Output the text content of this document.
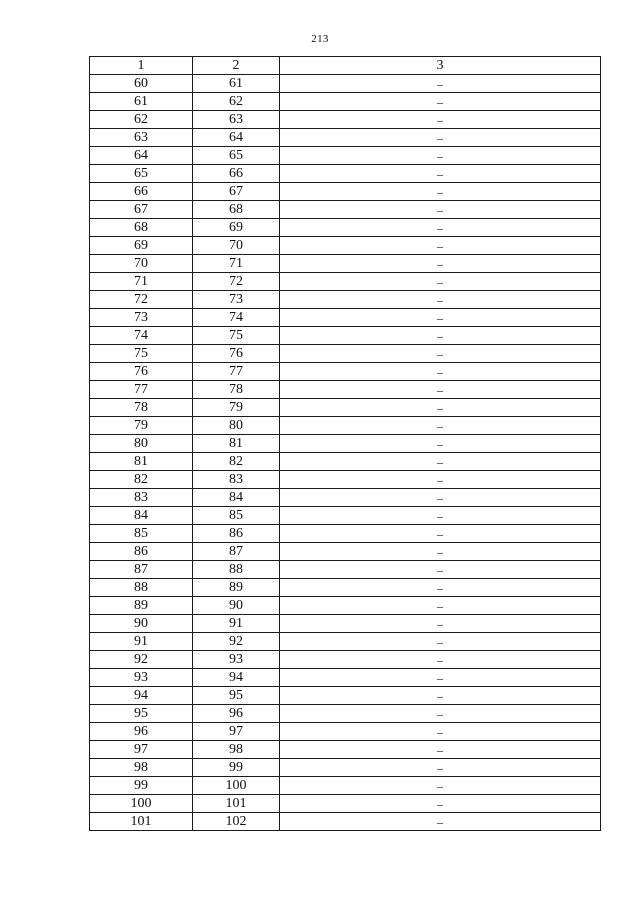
213
1	2	3
60	61	–
61	62	–
62	63	–
63	64	–
64	65	–
65	66	–
66	67	–
67	68	–
68	69	–
69	70	–
70	71	–
71	72	–
72	73	–
73	74	–
74	75	–
75	76	–
76	77	–
77	78	–
78	79	–
79	80	–
80	81	–
81	82	–
82	83	–
83	84	–
84	85	–
85	86	–
86	87	–
87	88	–
88	89	–
89	90	–
90	91	–
91	92	–
92	93	–
93	94	–
94	95	–
95	96	–
96	97	–
97	98	–
98	99	–
99	100	–
100	101	–
101	102	–
